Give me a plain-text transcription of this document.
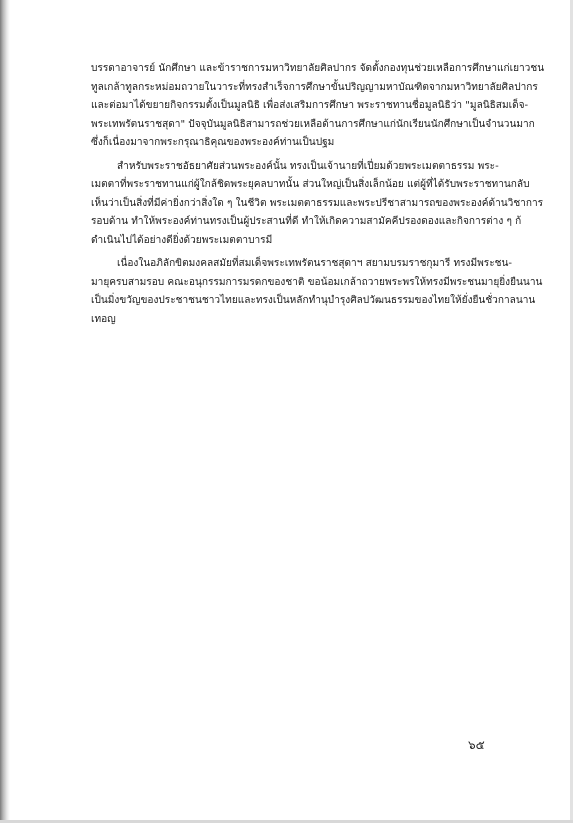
บรรดาอาจารย์ นักศึกษา และข้าราชการมหาวิทยาลัยศิลปากร จัดตั้งกองทุนช่วยเหลือการศึกษาแก่เยาวชน
ทูลเกล้าทูลกระหม่อมถวายในวาระที่ทรงสำเร็จการศึกษาขั้นปริญญามหาบัณฑิตจากมหาวิทยาลัยศิลปากร
และต่อมาได้ขยายกิจกรรมตั้งเป็นมูลนิธิ เพื่อส่งเสริมการศึกษา พระราชทานชื่อมูลนิธิว่า "มูลนิธิสมเด็จ-
พระเทพรัตนราชสุดา" ปัจจุบันมูลนิธิสามารถช่วยเหลือด้านการศึกษาแก่นักเรียนนักศึกษาเป็นจำนวนมาก
ซึ่งก็เนื่องมาจากพระกรุณาธิคุณของพระองค์ท่านเป็นปฐม
สำหรับพระราชอัธยาศัยส่วนพระองค์นั้น ทรงเป็นเจ้านายที่เปี่ยมด้วยพระเมตตาธรรม พระ-
เมตตาที่พระราชทานแก่ผู้ใกล้ชิดพระยุคลบาทนั้น ส่วนใหญ่เป็นสิ่งเล็กน้อย แต่ผู้ที่ได้รับพระราชทานกลับ
เห็นว่าเป็นสิ่งที่มีค่ายิ่งกว่าสิ่งใด ๆ ในชีวิต พระเมตตาธรรมและพระปรีชาสามารถของพระองค์ด้านวิชาการ
รอบด้าน ทำให้พระองค์ท่านทรงเป็นผู้ประสานที่ดี ทำให้เกิดความสามัคคีปรองดองและกิจการต่าง ๆ ก้
ดำเนินไปได้อย่างดียิ่งด้วยพระเมตตาบารมี
เนื่องในอภิลักขิตมงคลสมัยที่สมเด็จพระเทพรัตนราชสุดาฯ สยามบรมราชกุมารี ทรงมีพระชน-
มายุครบสามรอบ คณะอนุกรรมการมรดกของชาติ ขอน้อมเกล้าถวายพระพรให้ทรงมีพระชนมายุยิ่งยืนนาน
เป็นมิ่งขวัญของประชาชนชาวไทยและทรงเป็นหลักทำนุบำรุงศิลปวัฒนธรรมของไทยให้ยั่งยืนชั่วกาลนาน
เทอญ
๖๕
